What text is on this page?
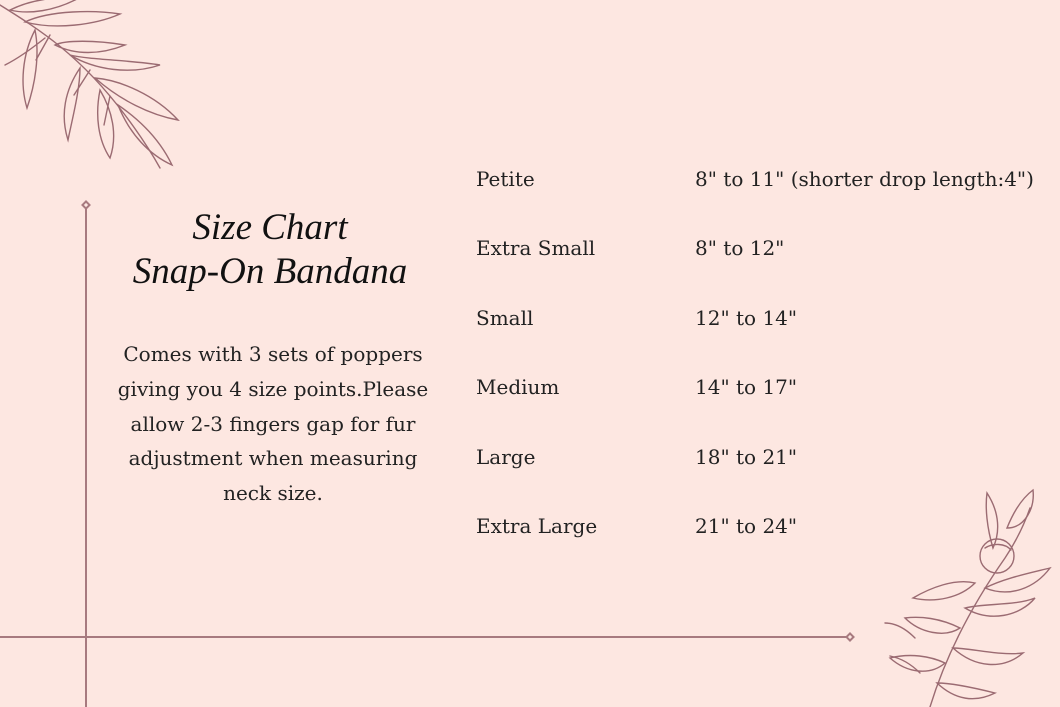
Size Chart
Snap-On Bandana
Comes with 3 sets of poppers giving you 4 size points.Please allow 2-3 fingers gap for fur adjustment when measuring neck size.
Petite	8" to 11" (shorter drop length:4")
Extra Small	8" to 12"
Small	12" to 14"
Medium	14" to 17"
Large	18" to 21"
Extra Large	21" to 24"
